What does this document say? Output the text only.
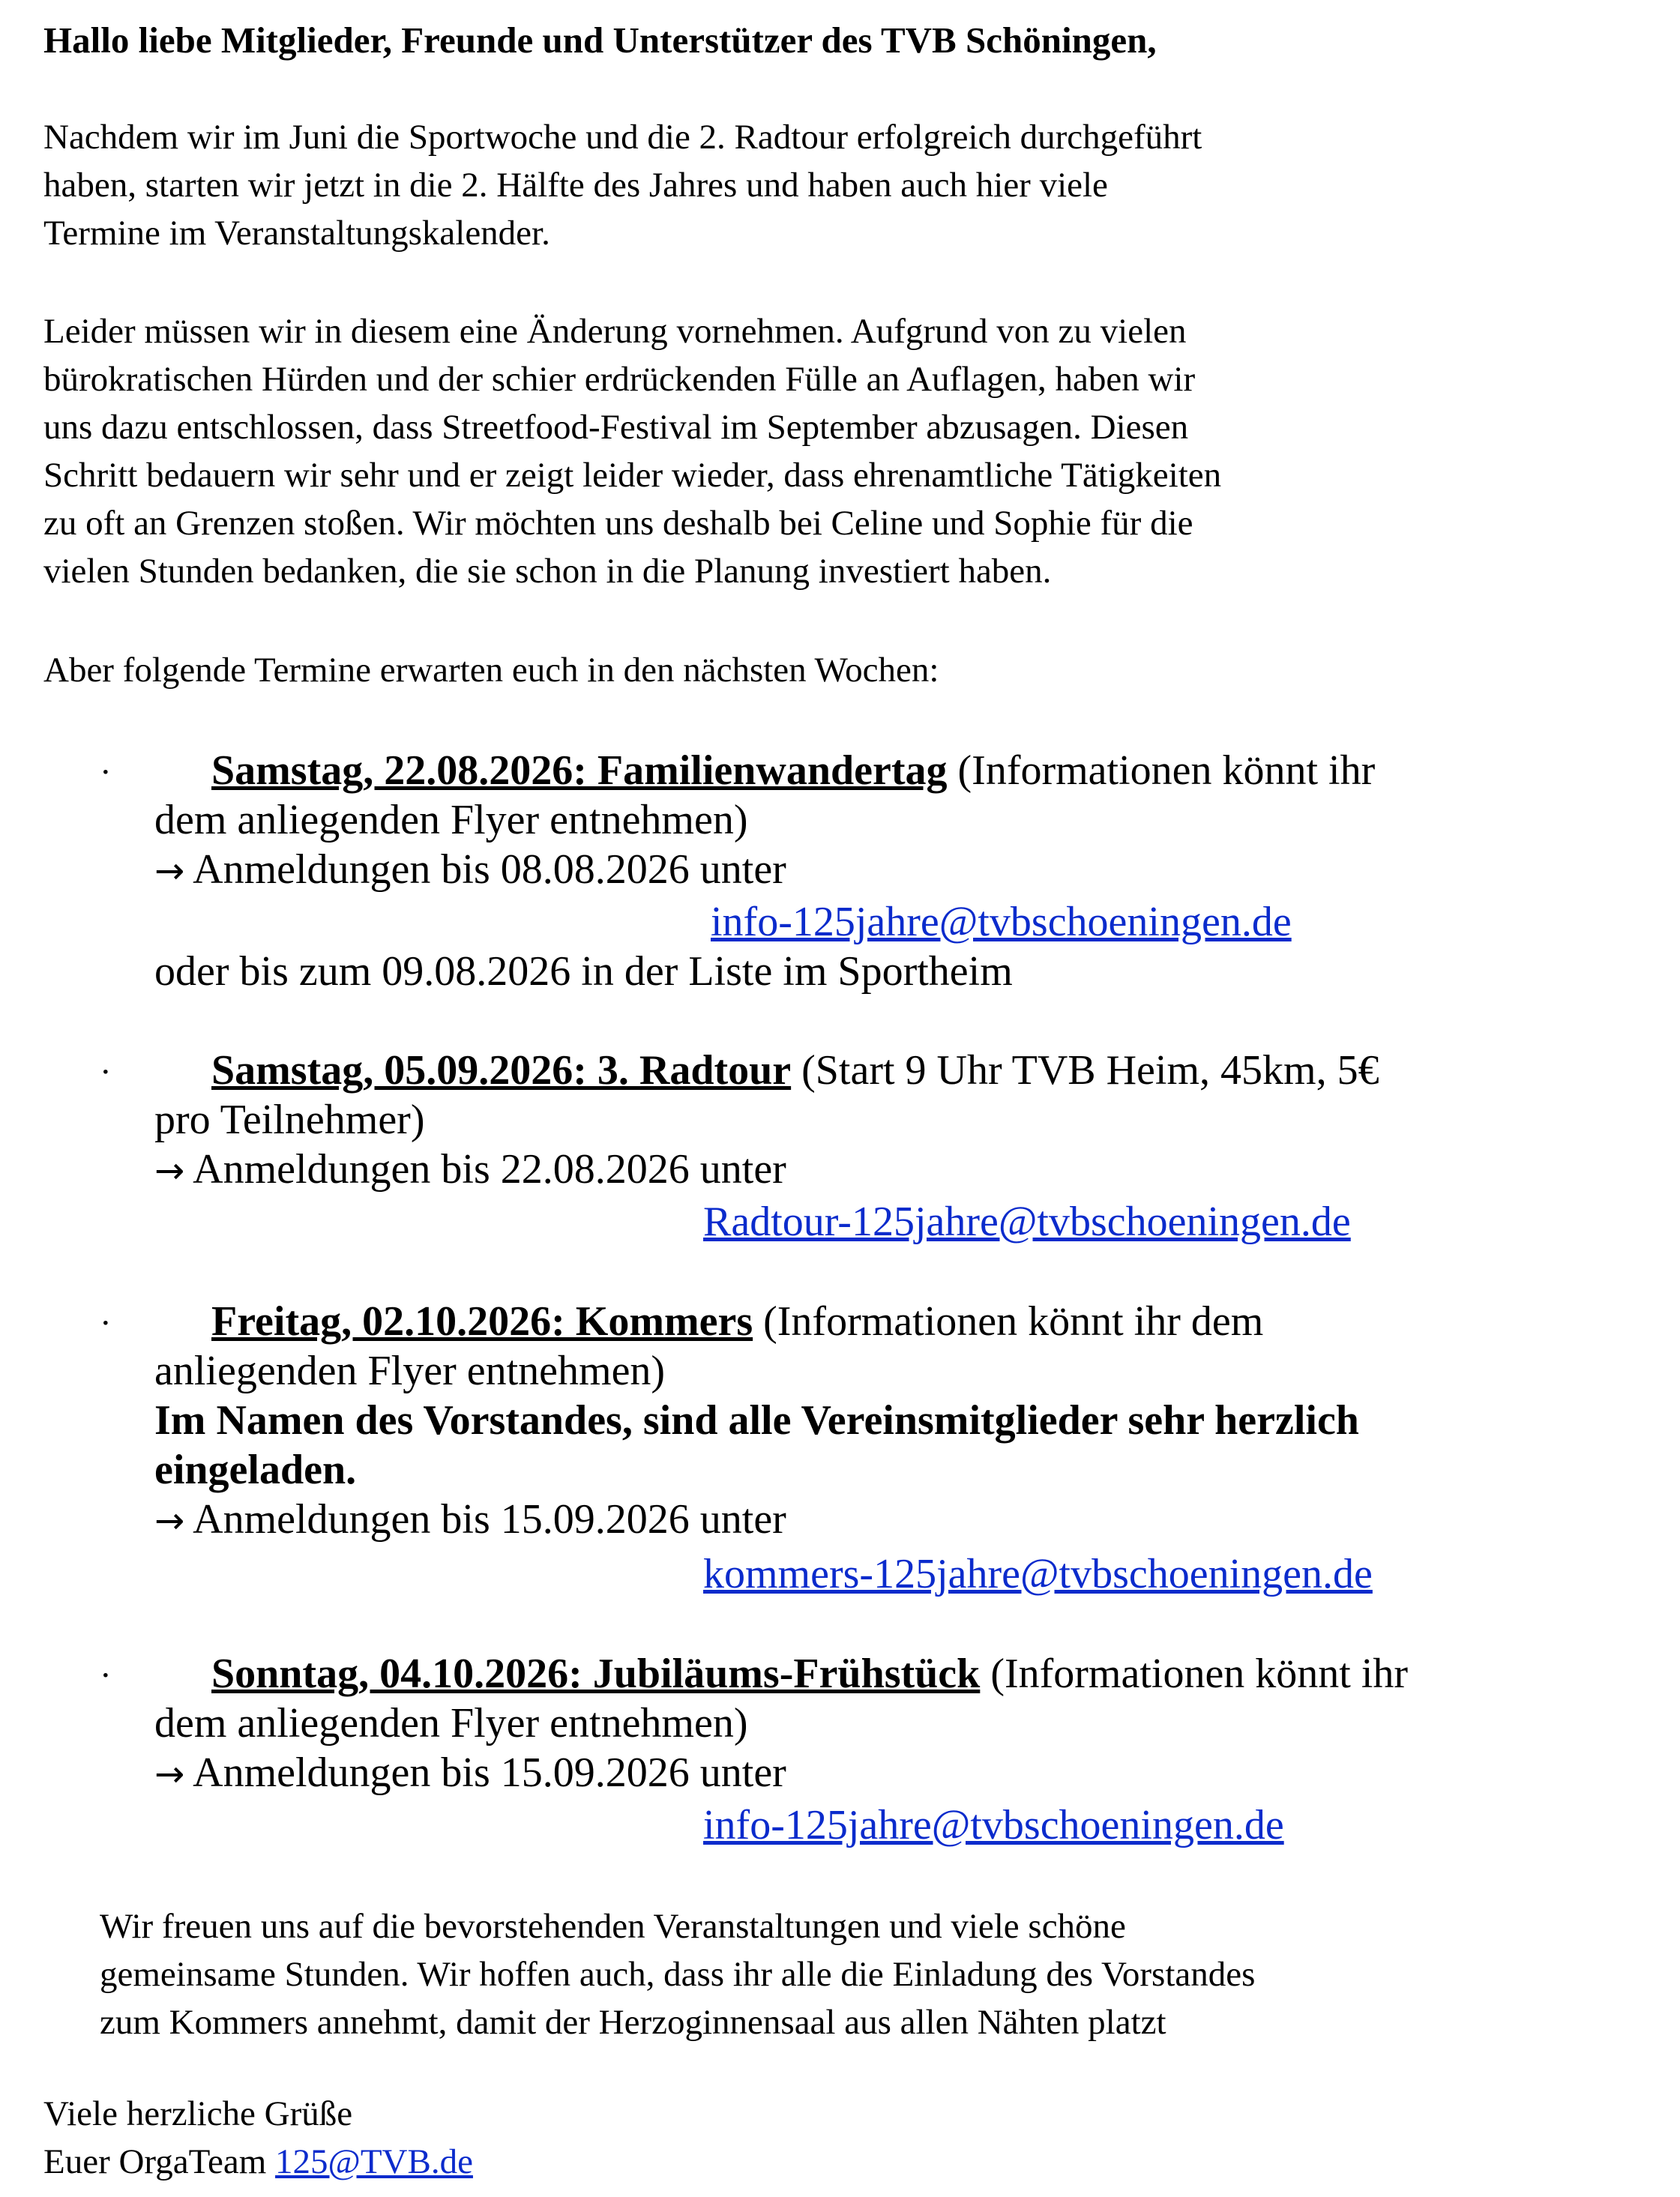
Hallo liebe Mitglieder, Freunde und Unterstützer des TVB Schöningen,

Nachdem wir im Juni die Sportwoche und die 2. Radtour erfolgreich durchgeführt
haben, starten wir jetzt in die 2. Hälfte des Jahres und haben auch hier viele
Termine im Veranstaltungskalender.

Leider müssen wir in diesem eine Änderung vornehmen. Aufgrund von zu vielen
bürokratischen Hürden und der schier erdrückenden Fülle an Auflagen, haben wir
uns dazu entschlossen, dass Streetfood-Festival im September abzusagen. Diesen
Schritt bedauern wir sehr und er zeigt leider wieder, dass ehrenamtliche Tätigkeiten
zu oft an Grenzen stoßen. Wir möchten uns deshalb bei Celine und Sophie für die
vielen Stunden bedanken, die sie schon in die Planung investiert haben.

Aber folgende Termine erwarten euch in den nächsten Wochen:

·	Samstag, 22.08.2026: Familienwandertag (Informationen könnt ihr
dem anliegenden Flyer entnehmen)
→ Anmeldungen bis 08.08.2026 unter

info-125jahre@tvbschoeningen.de

oder bis zum 09.08.2026 in der Liste im Sportheim

·	Samstag, 05.09.2026: 3. Radtour (Start 9 Uhr TVB Heim, 45km, 5€
pro Teilnehmer)
→ Anmeldungen bis 22.08.2026 unter

Radtour-125jahre@tvbschoeningen.de
·	Freitag, 02.10.2026: Kommers (Informationen könnt ihr dem
anliegenden Flyer entnehmen)
Im Namen des Vorstandes, sind alle Vereinsmitglieder sehr herzlich
eingeladen.
→ Anmeldungen bis 15.09.2026 unter

kommers-125jahre@tvbschoeningen.de
·	Sonntag, 04.10.2026: Jubiläums-Frühstück (Informationen könnt ihr
dem anliegenden Flyer entnehmen)
→ Anmeldungen bis 15.09.2026 unter

info-125jahre@tvbschoeningen.de

Wir freuen uns auf die bevorstehenden Veranstaltungen und viele schöne
gemeinsame Stunden. Wir hoffen auch, dass ihr alle die Einladung des Vorstandes
zum Kommers annehmt, damit der Herzoginnensaal aus allen Nähten platzt

Viele herzliche Grüße
Euer OrgaTeam 125@TVB.de
